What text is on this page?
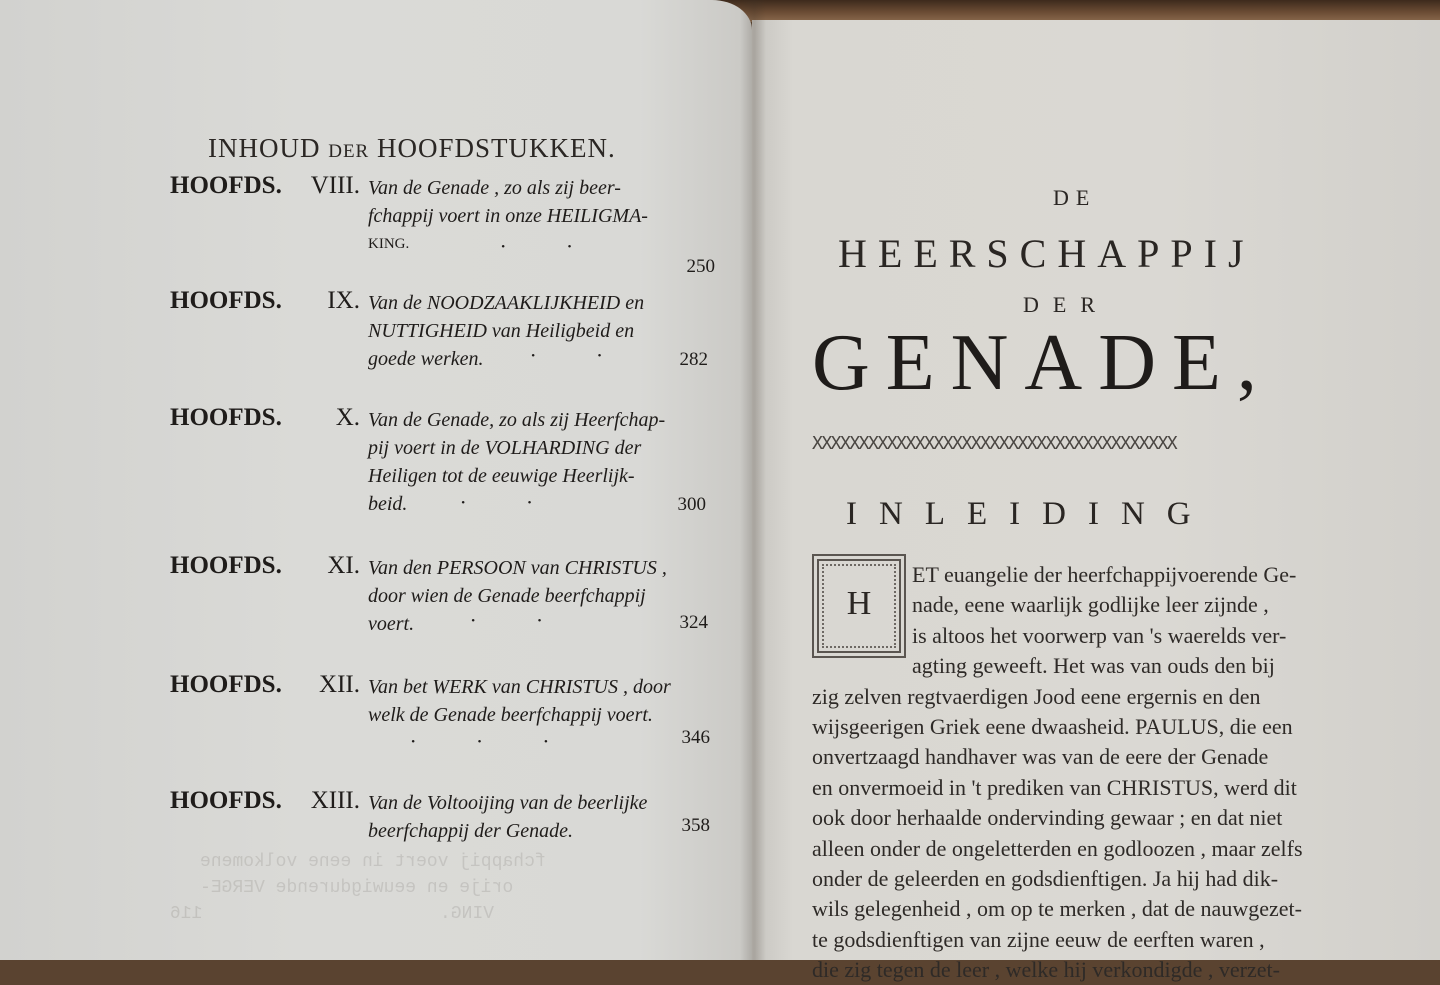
fchappij voert in eene volkomene
orije en eeuwigdurende VERGE-
VING.
116
INHOUD DER HOOFDSTUKKEN.
HOOFDS. VIII. Van de Genade , zo als zij beer-
fchappij voert in onze HEILIGMA-
KING.	··
250
HOOFDS. IX. Van de NOODZAAKLIJKHEID en
NUTTIGHEID van Heiligbeid en
goede werken.	·· 282
HOOFDS. X. Van de Genade, zo als zij Heerfchap-
pij voert in de VOLHARDING der
Heiligen tot de eeuwige Heerlijk-
beid.	··	300
HOOFDS. XI. Van den PERSOON van CHRISTUS ,
door wien de Genade beerfchappij
voert.	··	324
HOOFDS. XII. Van bet WERK van CHRISTUS , door
welk de Genade beerfchappij voert.
···	346
HOOFDS. XIII. Van de Voltooijing van de beerlijke
beerfchappij der Genade.	358
DE
HEERSCHAPPIJ
DER
GENADE,
XXXXXXXXXXXXXXXXXXXXXXXXXXXXXXXXXXXXXXX
INLEIDING
H
ET euangelie der heerfchappijvoerende Ge-
nade, eene waarlijk godlijke leer zijnde ,
is altoos het voorwerp van 's waerelds ver-
agting geweeft. Het was van ouds den bij
zig zelven regtvaerdigen Jood eene ergernis en den
wijsgeerigen Griek eene dwaasheid. PAULUS, die een
onvertzaagd handhaver was van de eere der Genade
en onvermoeid in 't prediken van CHRISTUS, werd dit
ook door herhaalde ondervinding gewaar ; en dat niet
alleen onder de ongeletterden en godloozen , maar zelfs
onder de geleerden en godsdienftigen. Ja hij had dik-
wils gelegenheid , om op te merken , dat de nauwgezet-
te godsdienftigen van zijne eeuw de eerften waren ,
die zig tegen de leer , welke hij verkondigde , verzet-
